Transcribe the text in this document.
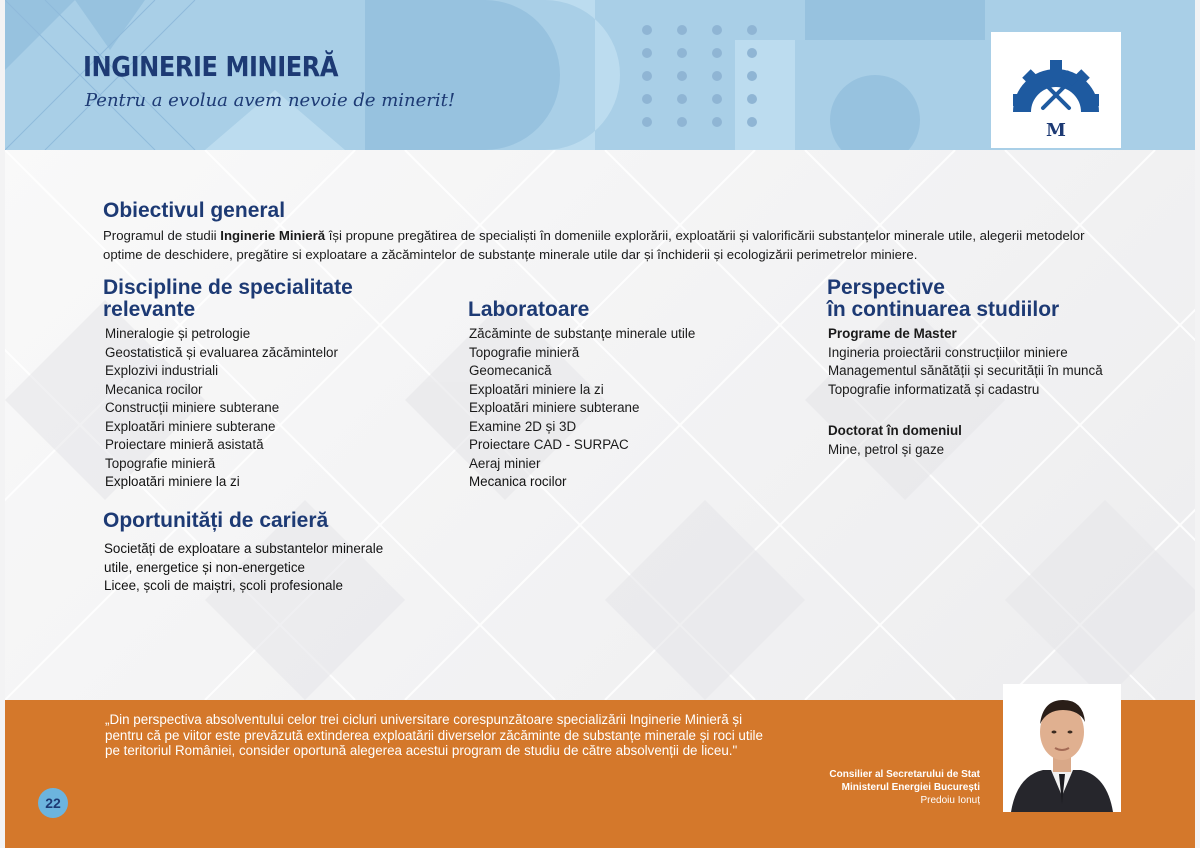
INGINERIE MINIERĂ
Pentru a evolua avem nevoie de minerit!
M
Obiectivul general
Programul de studii Inginerie Minieră își propune pregătirea de specialiști în domeniile explorării, exploatării și valorificării substanțelor minerale utile, alegerii metodelor optime de deschidere, pregătire si exploatare a zăcămintelor de substanțe minerale utile dar și închiderii și ecologizării perimetrelor miniere.
Discipline de specialitate
relevante
Mineralogie și petrologie
Geostatistică și evaluarea zăcămintelor
Explozivi industriali
Mecanica rocilor
Construcții miniere subterane
Exploatări miniere subterane
Proiectare minieră asistată
Topografie minieră
Exploatări miniere la zi
Laboratoare
Zăcăminte de substanțe minerale utile
Topografie minieră
Geomecanică
Exploatări miniere la zi
Exploatări miniere subterane
Examine 2D și 3D
Proiectare CAD - SURPAC
Aeraj minier
Mecanica rocilor
Perspective
în continuarea studiilor
Programe de Master
Ingineria proiectării construcțiilor miniere
Managementul sănătății și securității în muncă
Topografie informatizată și cadastru
Doctorat în domeniul
Mine, petrol și gaze
Oportunități de carieră
Societăți de exploatare a substantelor minerale
utile, energetice și non-energetice
Licee, școli de maiștri, școli profesionale
„Din perspectiva absolventului celor trei cicluri universitare corespunzătoare specializării Inginerie Minieră și pentru că pe viitor este prevăzută extinderea exploatării diverselor zăcăminte de substanțe minerale și roci utile pe teritoriul României, consider oportună alegerea acestui program de studiu de către absolvenții de liceu."
Consilier al Secretarului de Stat
Ministerul Energiei București
Predoiu Ionuț
22
